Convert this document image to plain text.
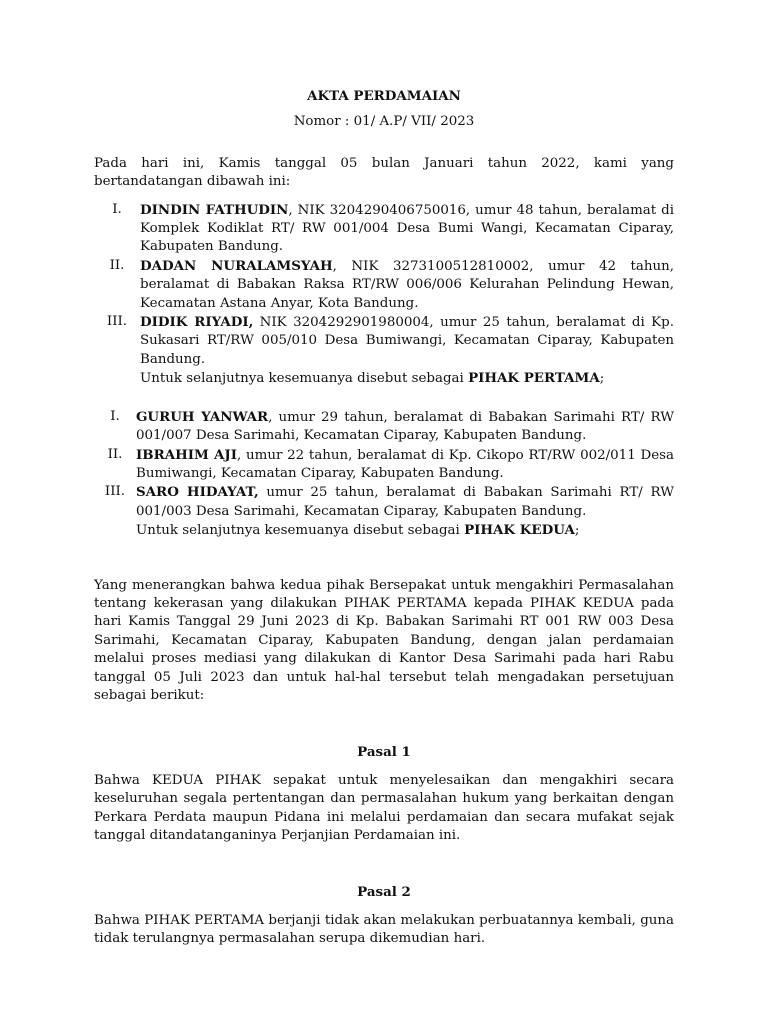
AKTA PERDAMAIAN

Nomor : 01/ A.P/ VII/ 2023

Pada hari ini, Kamis tanggal 05 bulan Januari tahun 2022, kami yang bertandatangan dibawah ini:

I.	DINDIN FATHUDIN, NIK 3204290406750016, umur 48 tahun, beralamat di Komplek Kodiklat RT/ RW 001/004 Desa Bumi Wangi, Kecamatan Ciparay, Kabupaten Bandung.
II.	DADAN NURALAMSYAH, NIK 3273100512810002, umur 42 tahun, beralamat di Babakan Raksa RT/RW 006/006 Kelurahan Pelindung Hewan, Kecamatan Astana Anyar, Kota Bandung.
III. DIDIK RIYADI, NIK 3204292901980004, umur 25 tahun, beralamat di Kp. Sukasari RT/RW 005/010 Desa Bumiwangi, Kecamatan Ciparay, Kabupaten Bandung.
Untuk selanjutnya kesemuanya disebut sebagai PIHAK PERTAMA;
I.	GURUH YANWAR, umur 29 tahun, beralamat di Babakan Sarimahi RT/ RW 001/007 Desa Sarimahi, Kecamatan Ciparay, Kabupaten Bandung.
II.	IBRAHIM AJI, umur 22 tahun, beralamat di Kp. Cikopo RT/RW 002/011 Desa Bumiwangi, Kecamatan Ciparay, Kabupaten Bandung.
III. SARO HIDAYAT, umur 25 tahun, beralamat di Babakan Sarimahi RT/ RW 001/003 Desa Sarimahi, Kecamatan Ciparay, Kabupaten Bandung.
Untuk selanjutnya kesemuanya disebut sebagai PIHAK KEDUA;

Yang menerangkan bahwa kedua pihak Bersepakat untuk mengakhiri Permasalahan tentang kekerasan yang dilakukan PIHAK PERTAMA kepada PIHAK KEDUA pada hari Kamis Tanggal 29 Juni 2023 di Kp. Babakan Sarimahi RT 001 RW 003 Desa Sarimahi, Kecamatan Ciparay, Kabupaten Bandung, dengan jalan perdamaian melalui proses mediasi yang dilakukan di Kantor Desa Sarimahi pada hari Rabu tanggal 05 Juli 2023 dan untuk hal-hal tersebut telah mengadakan persetujuan sebagai berikut:

Pasal 1

Bahwa KEDUA PIHAK sepakat untuk menyelesaikan dan mengakhiri secara keseluruhan segala pertentangan dan permasalahan hukum yang berkaitan dengan Perkara Perdata maupun Pidana ini melalui perdamaian dan secara mufakat sejak tanggal ditandatanganinya Perjanjian Perdamaian ini.

Pasal 2

Bahwa PIHAK PERTAMA berjanji tidak akan melakukan perbuatannya kembali, guna tidak terulangnya permasalahan serupa dikemudian hari.
